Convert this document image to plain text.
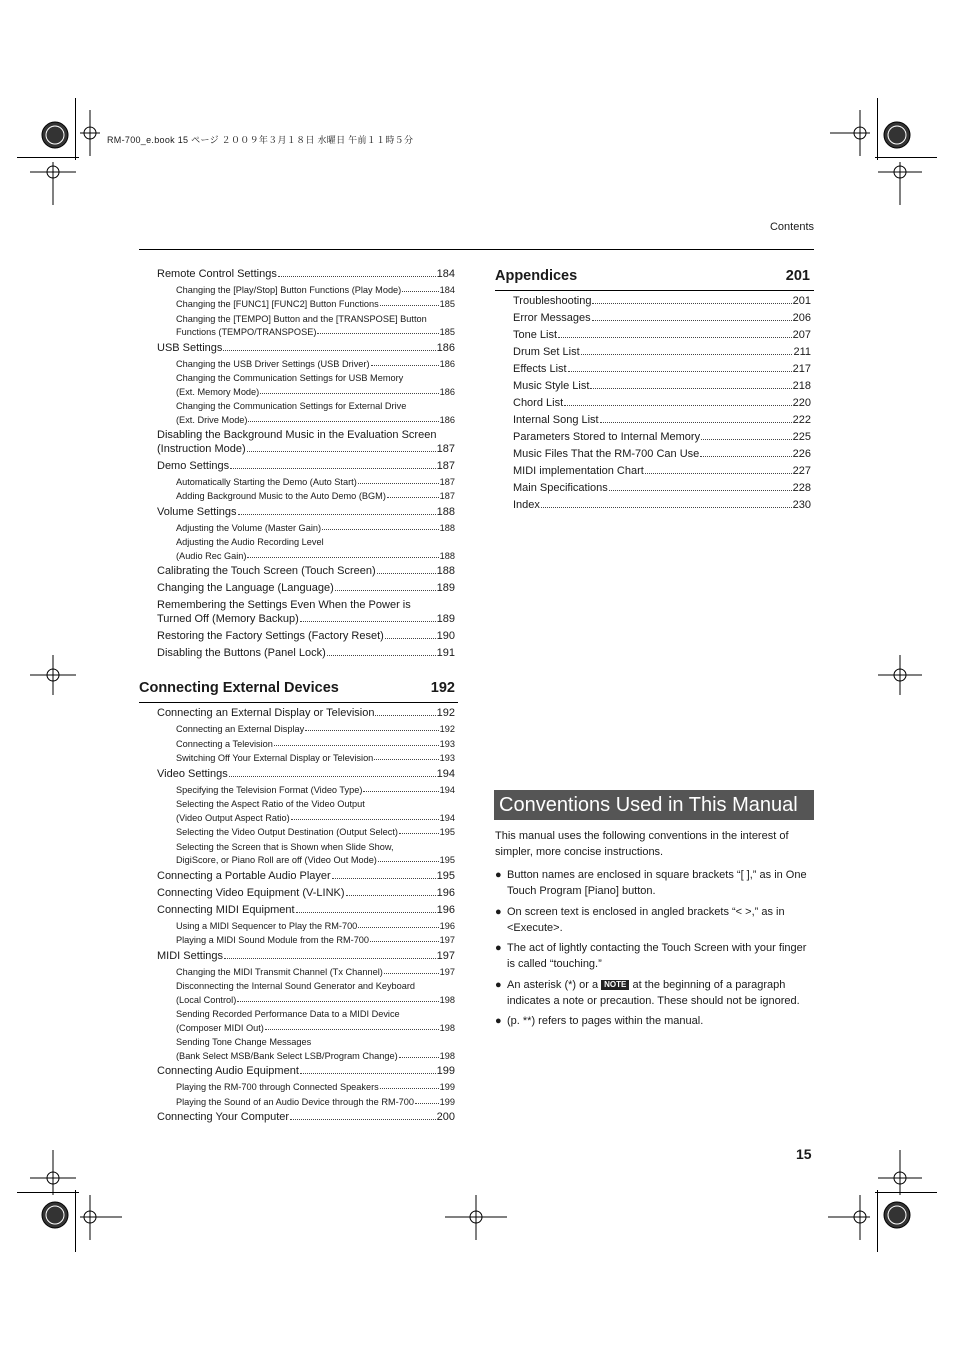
RM-700_e.book 15 ページ ２００９年３月１８日 水曜日 午前１１時５分
Contents
Remote Control Settings	184
Changing the [Play/Stop] Button Functions (Play Mode)	184
Changing the [FUNC1] [FUNC2] Button Functions	185
Changing the [TEMPO] Button and the [TRANSPOSE] Button
Functions (TEMPO/TRANSPOSE)	185
USB Settings	186
Changing the USB Driver Settings (USB Driver)	186
Changing the Communication Settings for USB Memory
(Ext. Memory Mode)	186
Changing the Communication Settings for External Drive
(Ext. Drive Mode)	186
Disabling the Background Music in the Evaluation Screen
(Instruction Mode)	187
Demo Settings	187
Automatically Starting the Demo (Auto Start)	187
Adding Background Music to the Auto Demo (BGM)	187
Volume Settings	188
Adjusting the Volume (Master Gain)	188
Adjusting the Audio Recording Level
(Audio Rec Gain)	188
Calibrating the Touch Screen (Touch Screen)	188
Changing the Language (Language)	189
Remembering the Settings Even When the Power is
Turned Off (Memory Backup)	189
Restoring the Factory Settings (Factory Reset)	190
Disabling the Buttons (Panel Lock)	191
Connecting External Devices	192
Connecting an External Display or Television	192
Connecting an External Display	192
Connecting a Television	193
Switching Off Your External Display or Television	193
Video Settings	194
Specifying the Television Format (Video Type)	194
Selecting the Aspect Ratio of the Video Output
(Video Output Aspect Ratio)	194
Selecting the Video Output Destination (Output Select)	195
Selecting the Screen that is Shown when Slide Show,
DigiScore, or Piano Roll are off (Video Out Mode)	195
Connecting a Portable Audio Player	195
Connecting Video Equipment (V-LINK)	196
Connecting MIDI Equipment	196
Using a MIDI Sequencer to Play the RM-700	196
Playing a MIDI Sound Module from the RM-700	197
MIDI Settings	197
Changing the MIDI Transmit Channel (Tx Channel)	197
Disconnecting the Internal Sound Generator and Keyboard
(Local Control)	198
Sending Recorded Performance Data to a MIDI Device
(Composer MIDI Out)	198
Sending Tone Change Messages
(Bank Select MSB/Bank Select LSB/Program Change)	198
Connecting Audio Equipment	199
Playing the RM-700 through Connected Speakers	199
Playing the Sound of an Audio Device through the RM-700	199
Connecting Your Computer	200
Appendices	201
Troubleshooting	201
Error Messages	206
Tone List	207
Drum Set List	211
Effects List	217
Music Style List	218
Chord List	220
Internal Song List	222
Parameters Stored to Internal Memory	225
Music Files That the RM-700 Can Use	226
MIDI implementation Chart	227
Main Specifications	228
Index	230
Conventions Used in This Manual
This manual uses the following conventions in the interest of simpler, more concise instructions.
● Button names are enclosed in square brackets “[ ],” as in One Touch Program [Piano] button.
● On screen text is enclosed in angled brackets “< >,” as in <Execute>.
● The act of lightly contacting the Touch Screen with your finger is called “touching.”
● An asterisk (*) or a NOTE at the beginning of a paragraph indicates a note or precaution. These should not be ignored.
● (p. **) refers to pages within the manual.
15
